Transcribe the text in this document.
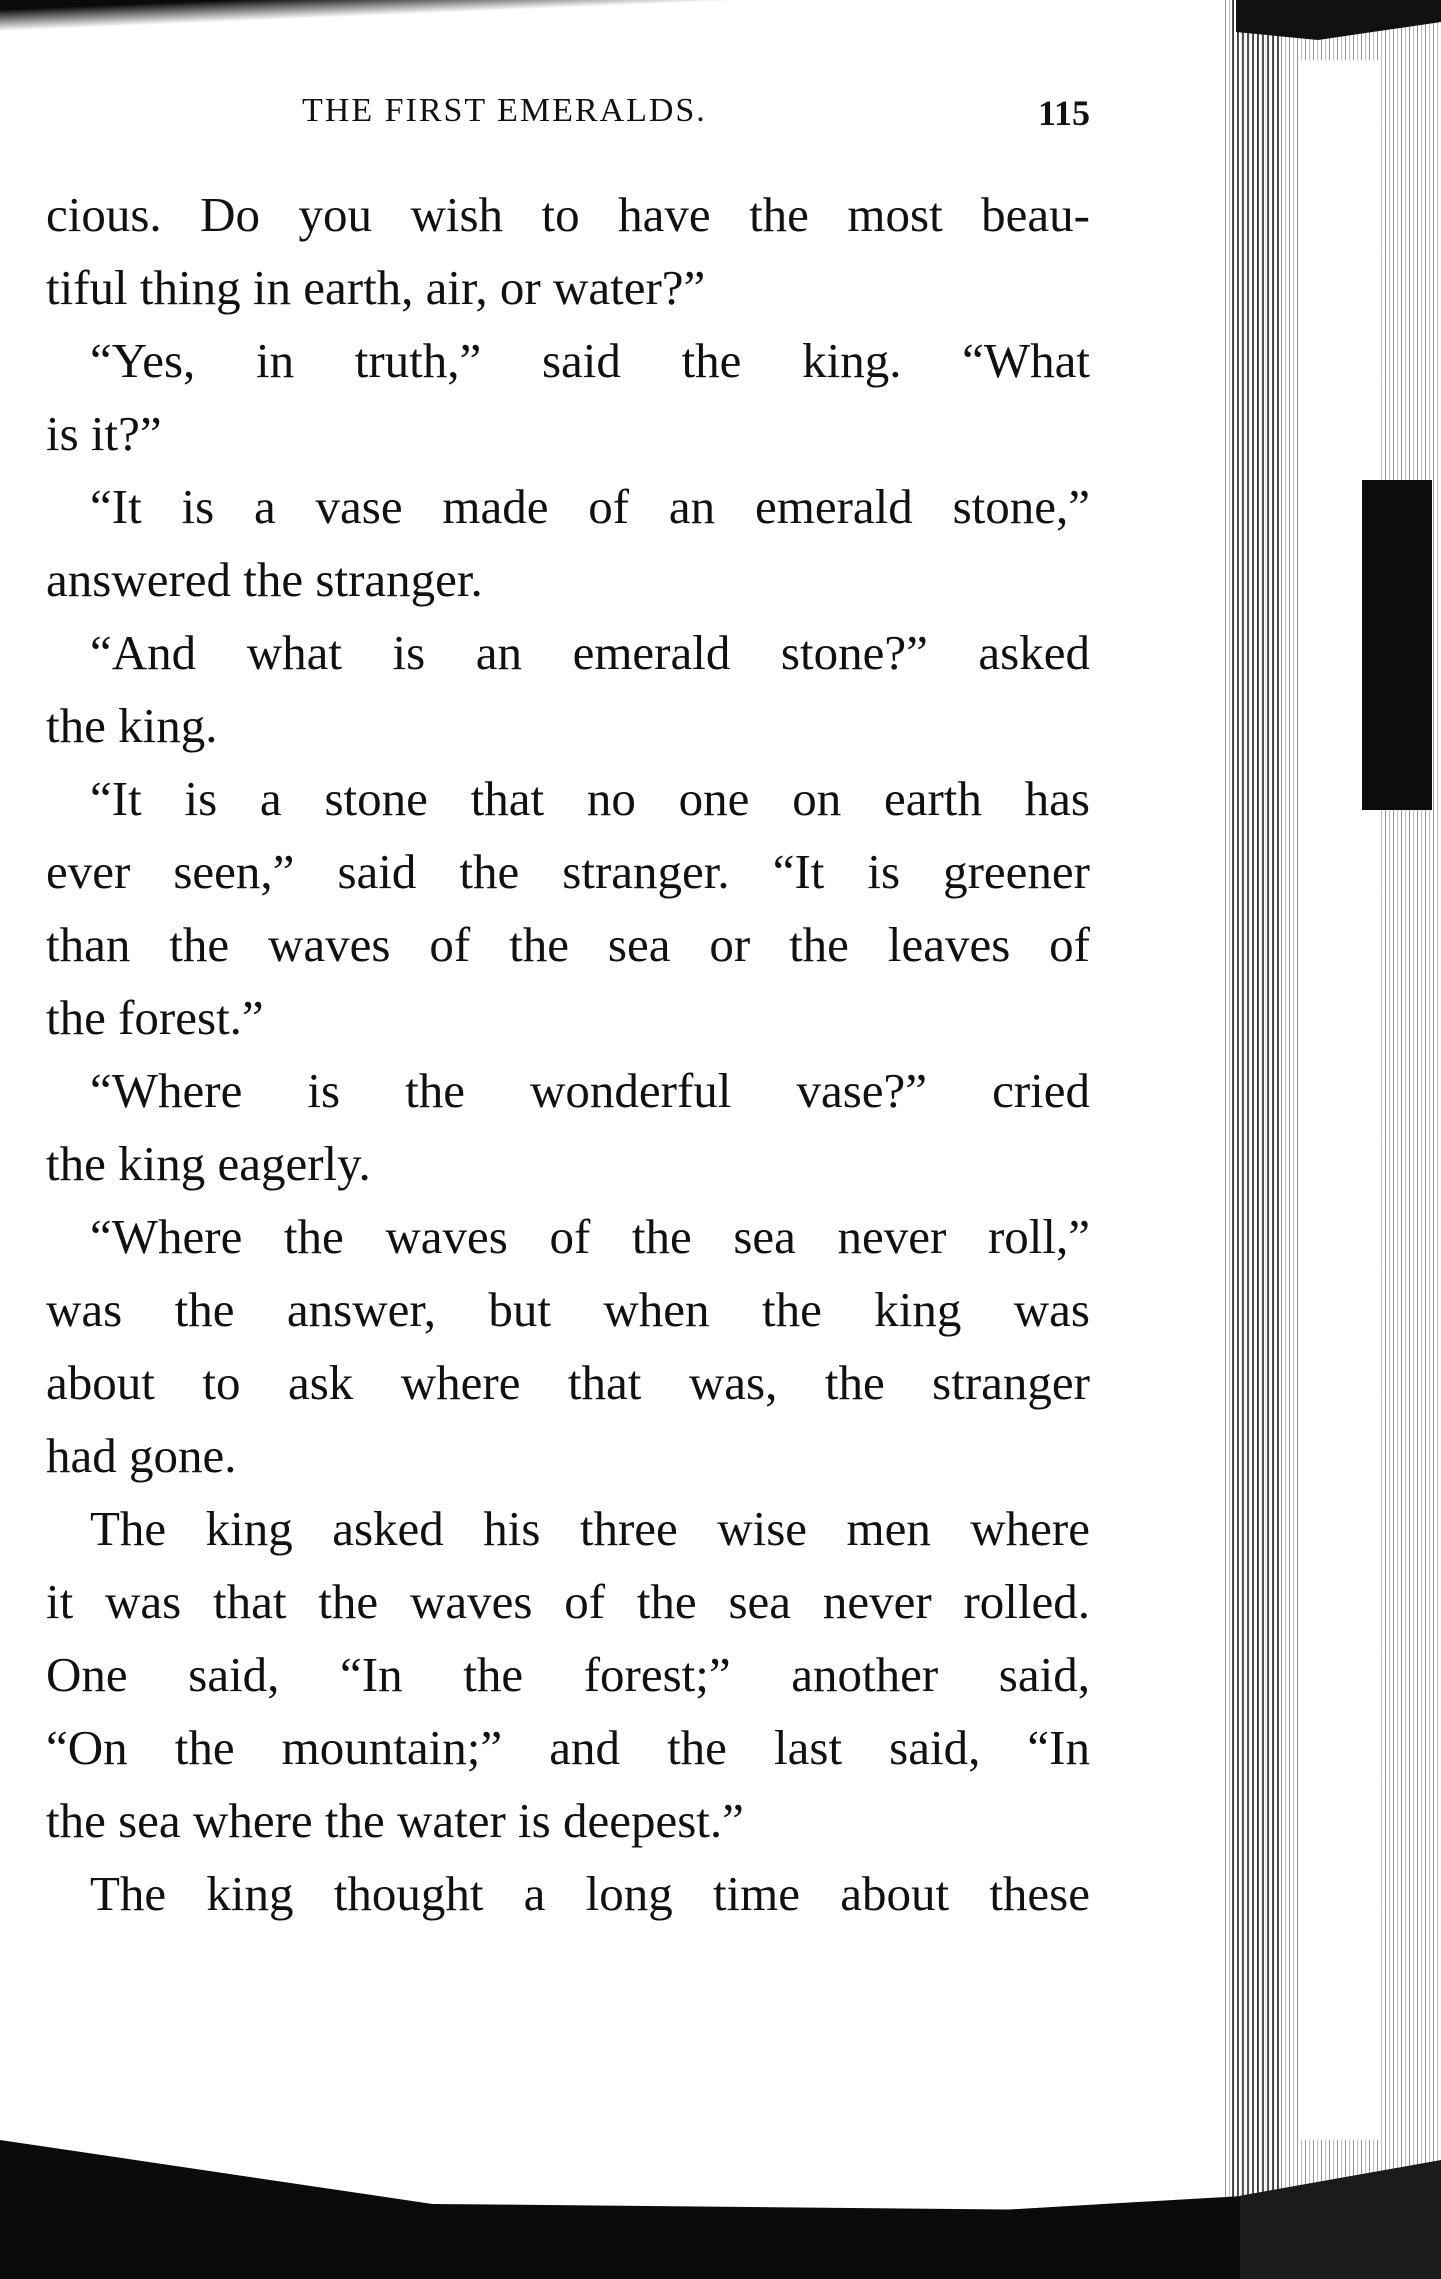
THE FIRST EMERALDS.	115
cious. Do you wish to have the most beau-
tiful thing in earth, air, or water?”
“Yes, in truth,” said the king. “What
is it?”
“It is a vase made of an emerald stone,”
answered the stranger.
“And what is an emerald stone?” asked
the king.
“It is a stone that no one on earth has
ever seen,” said the stranger. “It is greener
than the waves of the sea or the leaves of
the forest.”
“Where is the wonderful vase?” cried
the king eagerly.
“Where the waves of the sea never roll,”
was the answer, but when the king was
about to ask where that was, the stranger
had gone.
The king asked his three wise men where
it was that the waves of the sea never rolled.
One said, “In the forest;” another said,
“On the mountain;” and the last said, “In
the sea where the water is deepest.”
The king thought a long time about these
